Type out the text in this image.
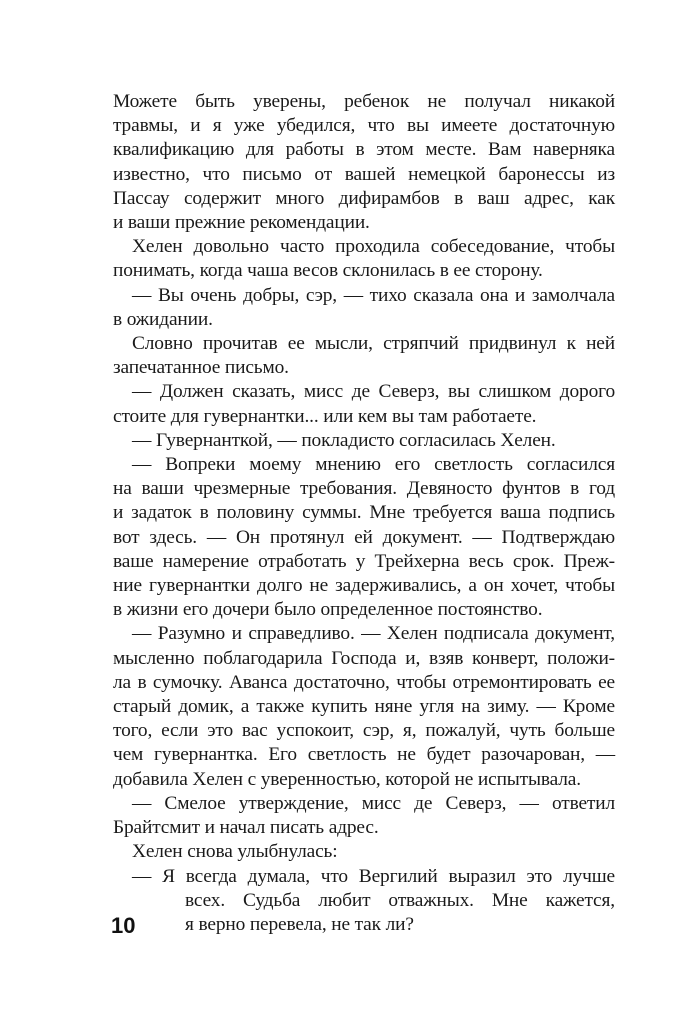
Можете быть уверены, ребенок не получал никакой
травмы, и я уже убедился, что вы имеете достаточную
квалификацию для работы в этом месте. Вам наверняка
известно, что письмо от вашей немецкой баронессы из
Пассау содержит много дифирамбов в ваш адрес, как
и ваши прежние рекомендации.
Хелен довольно часто проходила собеседование, чтобы
понимать, когда чаша весов склонилась в ее сторону.
— Вы очень добры, сэр, — тихо сказала она и замолчала
в ожидании.
Словно прочитав ее мысли, стряпчий придвинул к ней
запечатанное письмо.
— Должен сказать, мисс де Северз, вы слишком дорого
стоите для гувернантки... или кем вы там работаете.
— Гувернанткой, — покладисто согласилась Хелен.
— Вопреки моему мнению его светлость согласился
на ваши чрезмерные требования. Девяносто фунтов в год
и задаток в половину суммы. Мне требуется ваша подпись
вот здесь. — Он протянул ей документ. — Подтверждаю
ваше намерение отработать у Трейхерна весь срок. Преж-
ние гувернантки долго не задерживались, а он хочет, чтобы
в жизни его дочери было определенное постоянство.
— Разумно и справедливо. — Хелен подписала документ,
мысленно поблагодарила Господа и, взяв конверт, положи-
ла в сумочку. Аванса достаточно, чтобы отремонтировать ее
старый домик, а также купить няне угля на зиму. — Кроме
того, если это вас успокоит, сэр, я, пожалуй, чуть больше
чем гувернантка. Его светлость не будет разочарован, —
добавила Хелен с уверенностью, которой не испытывала.
— Смелое утверждение, мисс де Северз, — ответил
Брайтсмит и начал писать адрес.
Хелен снова улыбнулась:
— Я всегда думала, что Вергилий выразил это лучше
всех. Судьба любит отважных. Мне кажется,
я верно перевела, не так ли?
10
